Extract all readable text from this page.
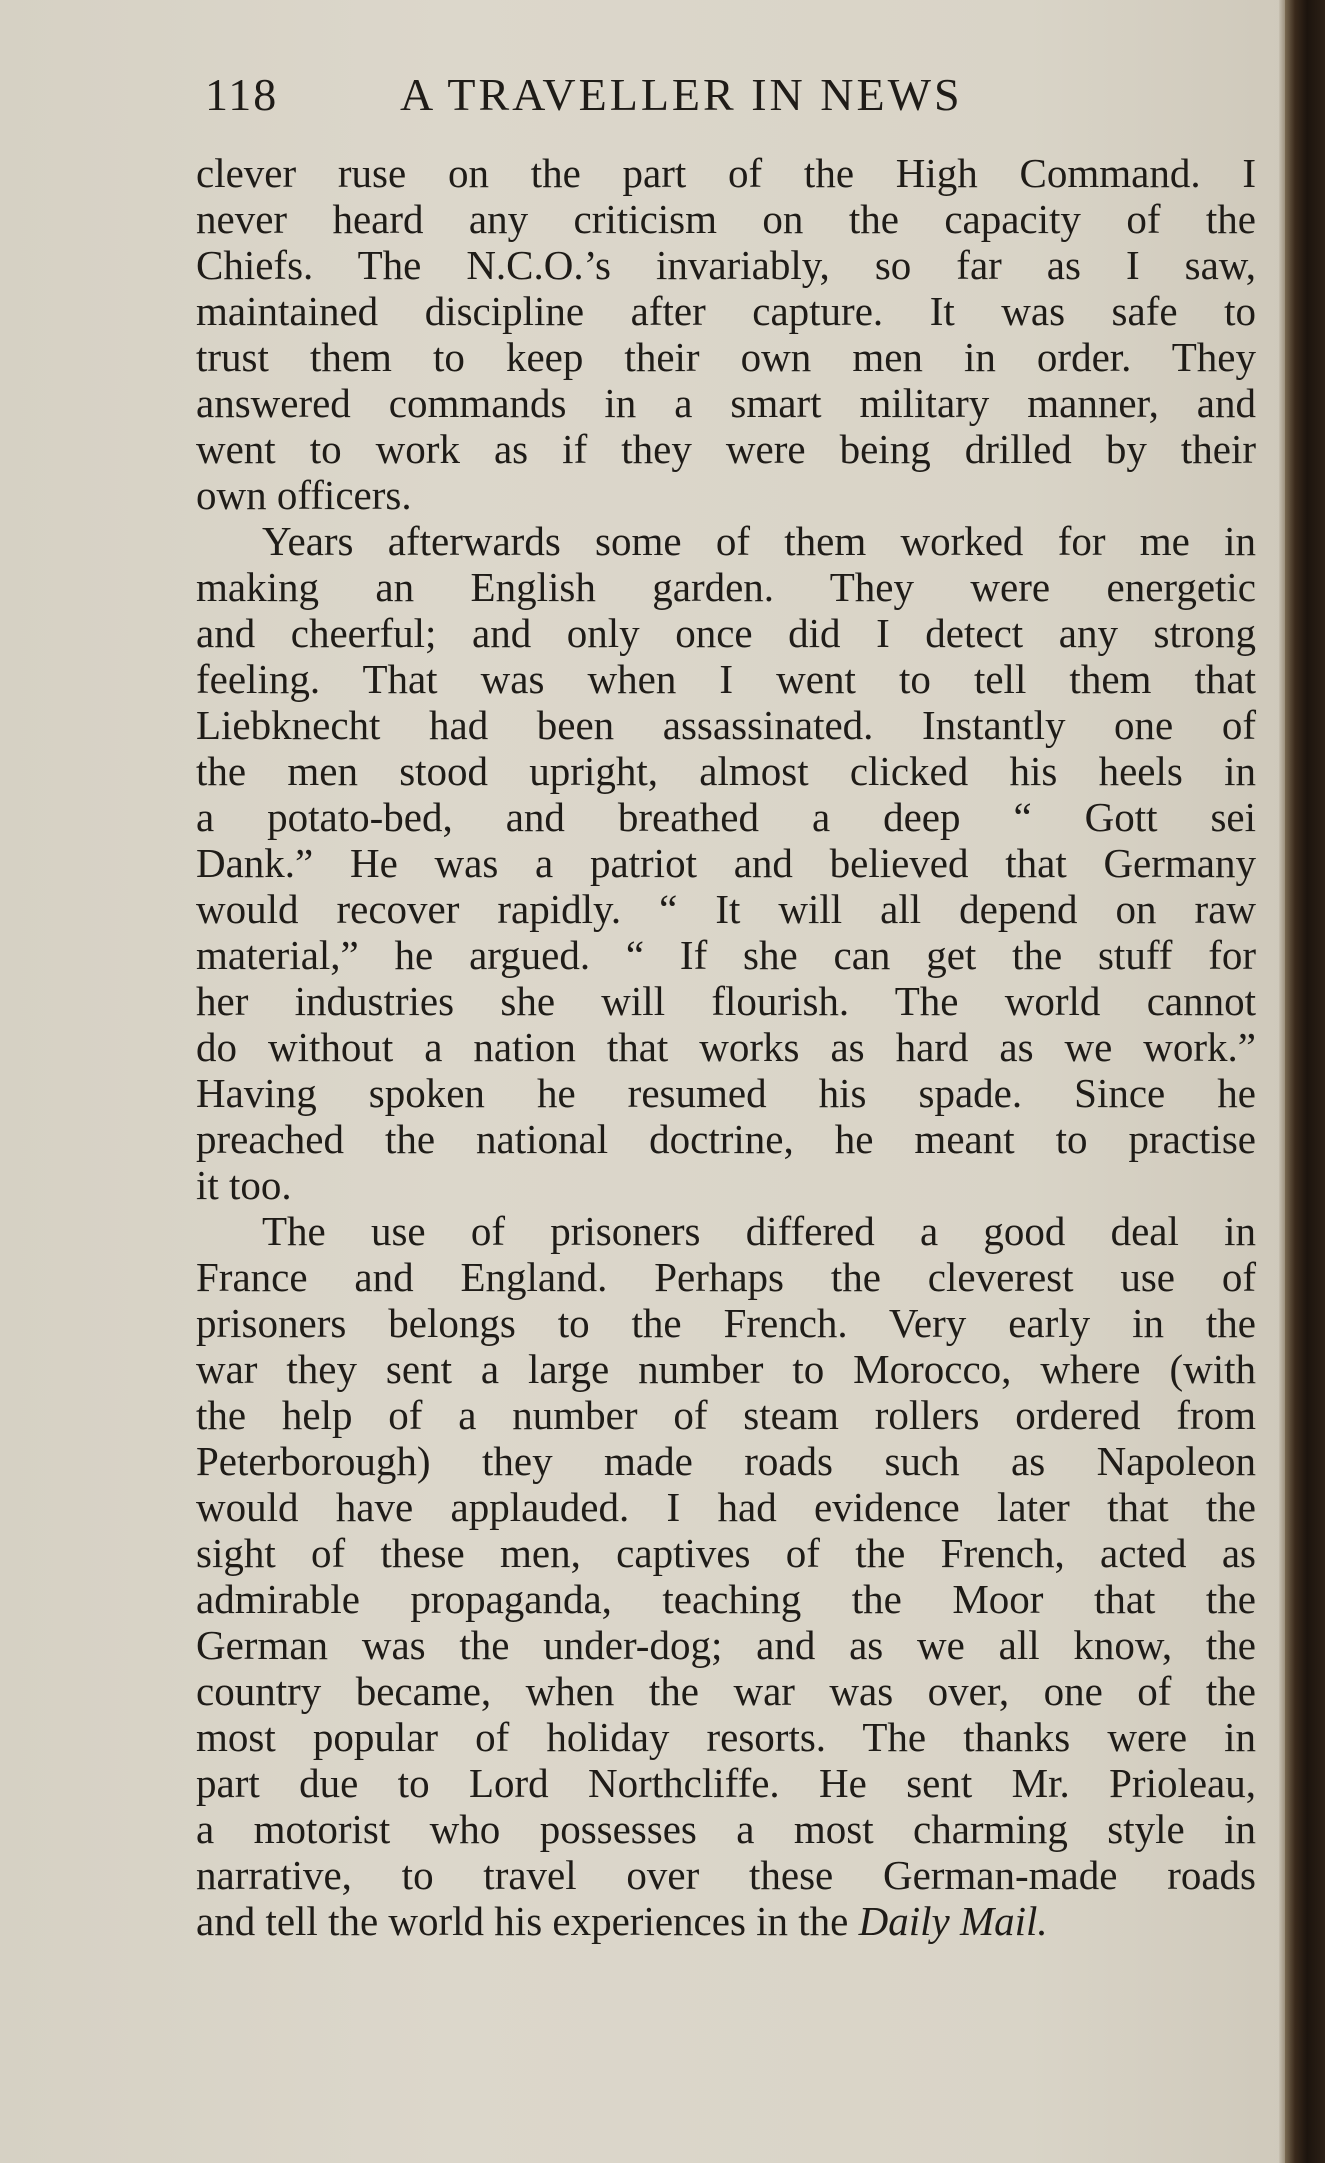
118	A TRAVELLER IN NEWS
clever ruse on the part of the High Command. I
never heard any criticism on the capacity of the
Chiefs. The N.C.O.’s invariably, so far as I saw,
maintained discipline after capture. It was safe to
trust them to keep their own men in order. They
answered commands in a smart military manner, and
went to work as if they were being drilled by their
own officers.
Years afterwards some of them worked for me in
making an English garden. They were energetic
and cheerful; and only once did I detect any strong
feeling. That was when I went to tell them that
Liebknecht had been assassinated. Instantly one of
the men stood upright, almost clicked his heels in
a potato-bed, and breathed a deep “ Gott sei
Dank.” He was a patriot and believed that Germany
would recover rapidly. “ It will all depend on raw
material,” he argued. “ If she can get the stuff for
her industries she will flourish. The world cannot
do without a nation that works as hard as we work.”
Having spoken he resumed his spade. Since he
preached the national doctrine, he meant to practise
it too.
The use of prisoners differed a good deal in
France and England. Perhaps the cleverest use of
prisoners belongs to the French. Very early in the
war they sent a large number to Morocco, where (with
the help of a number of steam rollers ordered from
Peterborough) they made roads such as Napoleon
would have applauded. I had evidence later that the
sight of these men, captives of the French, acted as
admirable propaganda, teaching the Moor that the
German was the under-dog; and as we all know, the
country became, when the war was over, one of the
most popular of holiday resorts. The thanks were in
part due to Lord Northcliffe. He sent Mr. Prioleau,
a motorist who possesses a most charming style in
narrative, to travel over these German-made roads
and tell the world his experiences in the Daily Mail.
